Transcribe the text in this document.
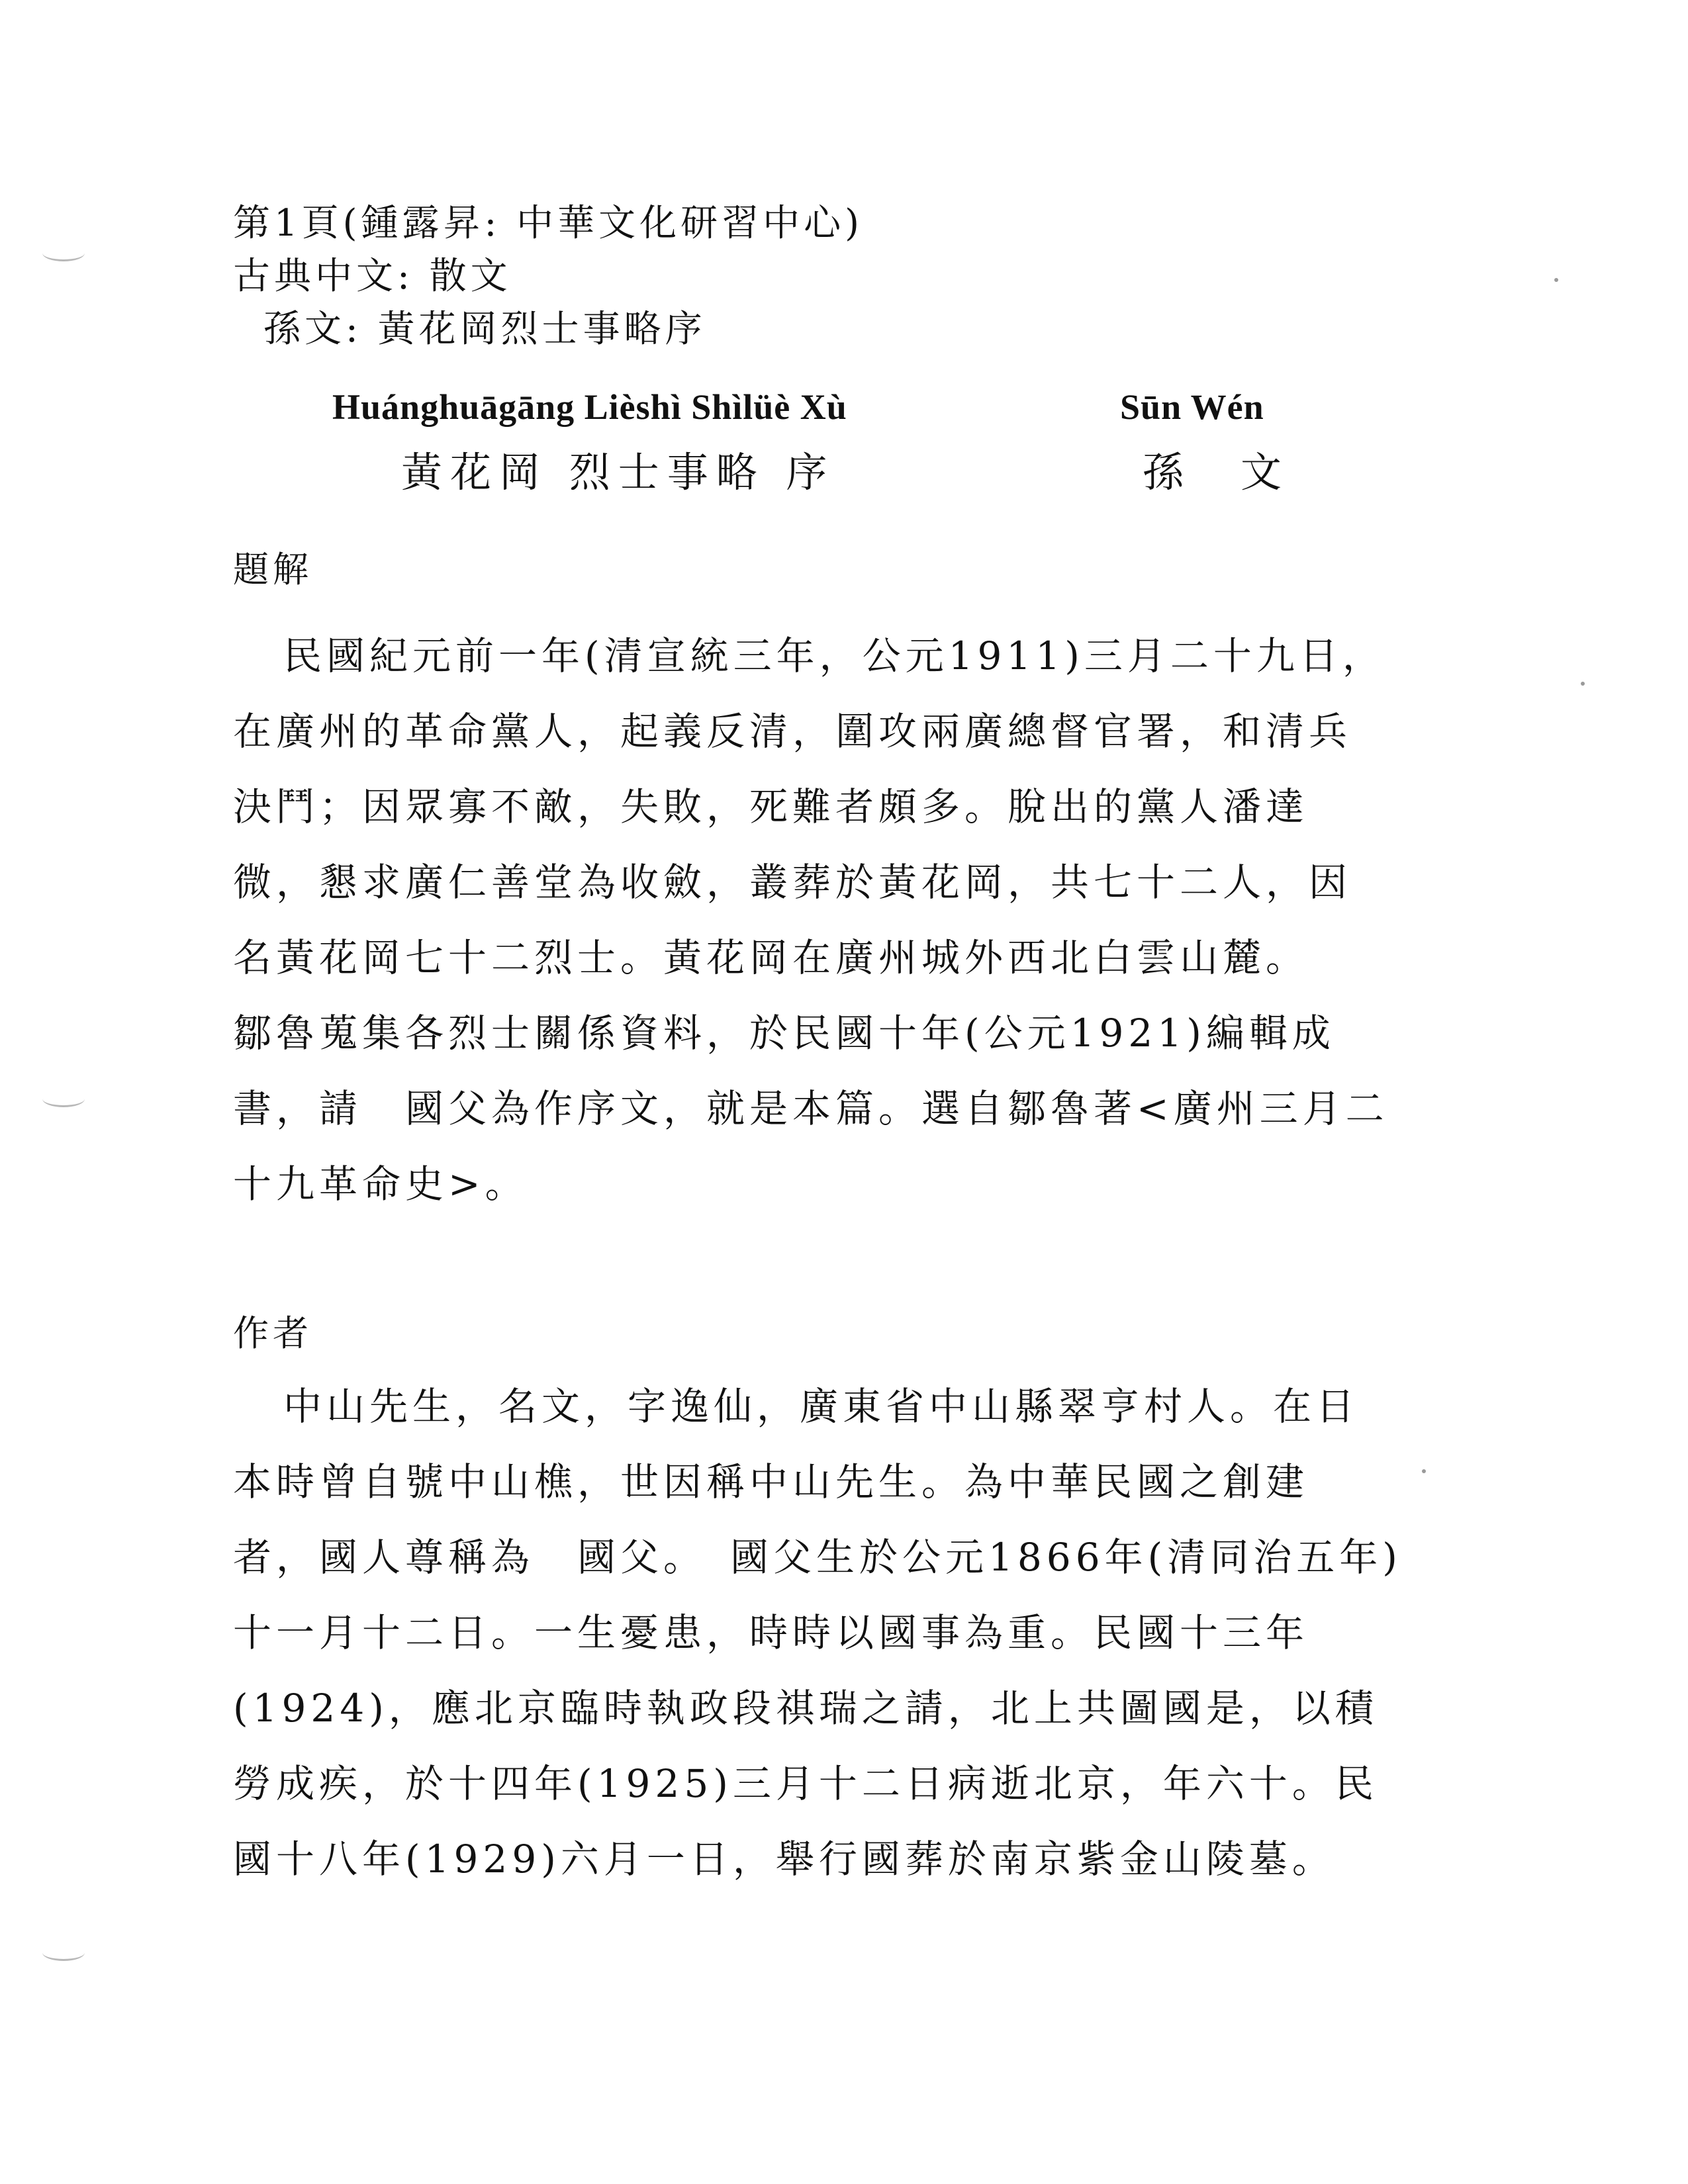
第1頁(鍾露昇: 中華文化研習中心)
古典中文: 散文
孫文: 黃花岡烈士事略序
Huánghuāgāng Lièshì Shìlüè Xù	Sūn Wén
黃花岡 烈士事略 序	孫　文
題解
民國紀元前一年(清宣統三年，公元1911)三月二十九日，
在廣州的革命黨人，起義反清，圍攻兩廣總督官署，和清兵
決鬥；因眾寡不敵，失敗，死難者頗多。脫出的黨人潘達
微，懇求廣仁善堂為收斂，叢葬於黃花岡，共七十二人，因
名黃花岡七十二烈士。黃花岡在廣州城外西北白雲山麓。
鄒魯蒐集各烈士關係資料，於民國十年(公元1921)編輯成
書，請　國父為作序文，就是本篇。選自鄒魯著<廣州三月二
十九革命史>。
作者
中山先生，名文，字逸仙，廣東省中山縣翠亨村人。在日
本時曾自號中山樵，世因稱中山先生。為中華民國之創建
者，國人尊稱為　國父。　國父生於公元1866年(清同治五年)
十一月十二日。一生憂患，時時以國事為重。民國十三年
(1924)，應北京臨時執政段祺瑞之請，北上共圖國是，以積
勞成疾，於十四年(1925)三月十二日病逝北京，年六十。民
國十八年(1929)六月一日，舉行國葬於南京紫金山陵墓。
